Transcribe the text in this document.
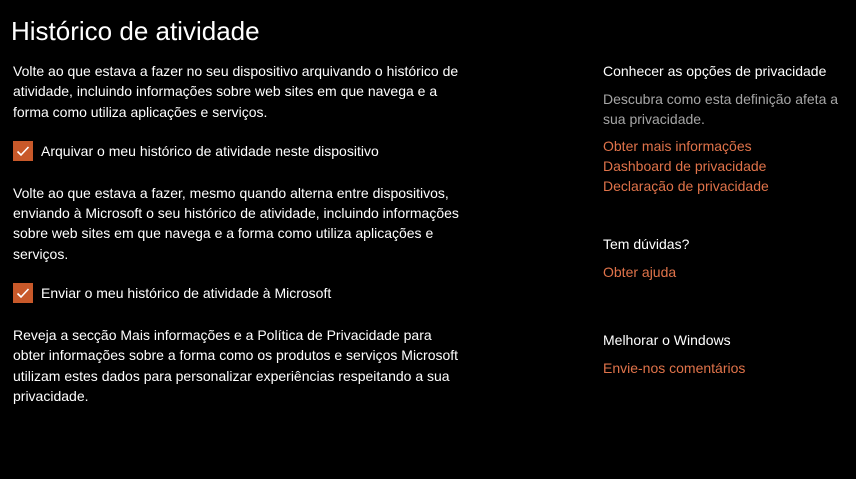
Histórico de atividade

Volte ao que estava a fazer no seu dispositivo arquivando o histórico de atividade, incluindo informações sobre web sites em que navega e a forma como utiliza aplicações e serviços.

Arquivar o meu histórico de atividade neste dispositivo

Volte ao que estava a fazer, mesmo quando alterna entre dispositivos, enviando à Microsoft o seu histórico de atividade, incluindo informações sobre web sites em que navega e a forma como utiliza aplicações e serviços.

Enviar o meu histórico de atividade à Microsoft

Reveja a secção Mais informações e a Política de Privacidade para obter informações sobre a forma como os produtos e serviços Microsoft utilizam estes dados para personalizar experiências respeitando a sua privacidade.

Conhecer as opções de privacidade

Descubra como esta definição afeta a sua privacidade.

Obter mais informações
Dashboard de privacidade
Declaração de privacidade

Tem dúvidas?

Obter ajuda

Melhorar o Windows

Envie-nos comentários
